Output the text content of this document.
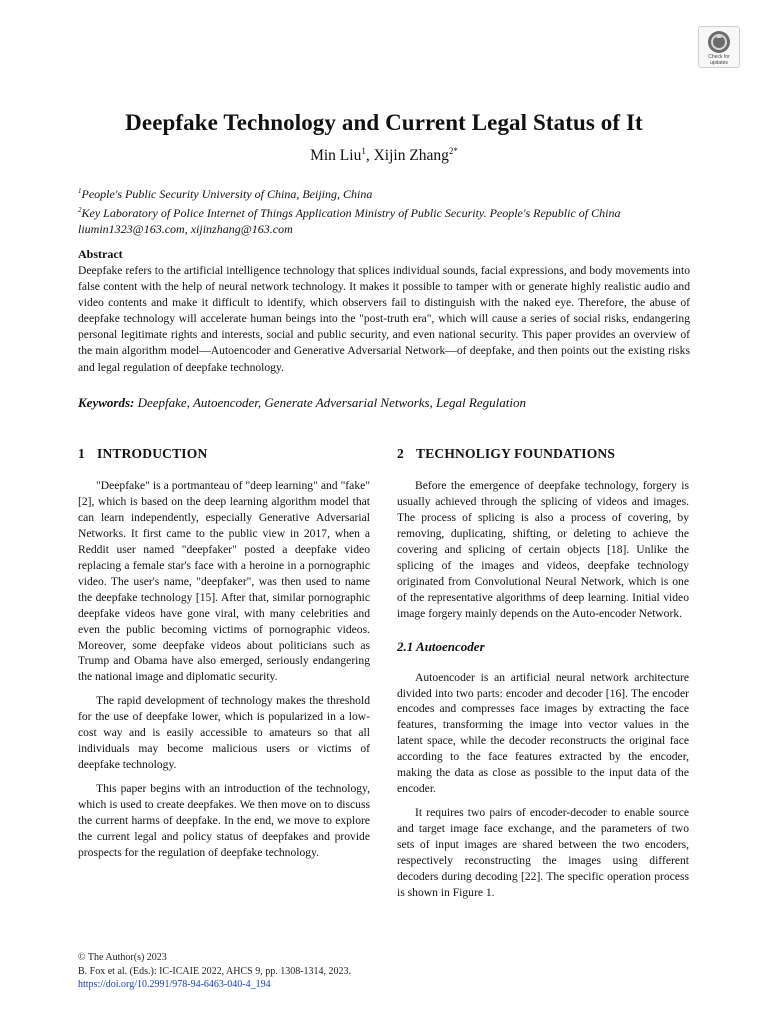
Check for
updates
Deepfake Technology and Current Legal Status of It
Min Liu$^1$, Xijin Zhang$^{2*}$
$^1$People's Public Security University of China, Beijing, China
$^2$Key Laboratory of Police Internet of Things Application Ministry of Public Security. People's Republic of China
liumin1323@163.com, xijinzhang@163.com
Abstract

Deepfake refers to the artificial intelligence technology that splices individual sounds, facial expressions, and body movements into false content with the help of neural network technology. It makes it possible to tamper with or generate highly realistic audio and video contents and make it difficult to identify, which observers fail to distinguish with the naked eye. Therefore, the abuse of deepfake technology will accelerate human beings into the "post-truth era", which will cause a series of social risks, endangering personal legitimate rights and interests, social and public security, and even national security. This paper provides an overview of the main algorithm model—Autoencoder and Generative Adversarial Network—of deepfake, and then points out the existing risks and legal regulation of deepfake technology.

Keywords: Deepfake, Autoencoder, Generate Adversarial Networks, Legal Regulation
1 INTRODUCTION

"Deepfake" is a portmanteau of "deep learning" and "fake" [2], which is based on the deep learning algorithm model that can learn independently, especially Generative Adversarial Networks. It first came to the public view in 2017, when a Reddit user named "deepfaker" posted a deepfake video replacing a female star's face with a heroine in a pornographic video. The user's name, "deepfaker", was then used to name the deepfake technology [15]. After that, similar pornographic deepfake videos have gone viral, with many celebrities and even the public becoming victims of pornographic videos. Moreover, some deepfake videos about politicians such as Trump and Obama have also emerged, seriously endangering the national image and diplomatic security.

The rapid development of technology makes the threshold for the use of deepfake lower, which is popularized in a low-cost way and is easily accessible to amateurs so that all individuals may become malicious users or victims of deepfake technology.

This paper begins with an introduction of the technology, which is used to create deepfakes. We then move on to discuss the current harms of deepfake. In the end, we move to explore the current legal and policy status of deepfakes and provide prospects for the regulation of deepfake technology.

2 TECHNOLIGY FOUNDATIONS

Before the emergence of deepfake technology, forgery is usually achieved through the splicing of videos and images. The process of splicing is also a process of covering, by removing, duplicating, shifting, or deleting to achieve the covering and splicing of certain objects [18]. Unlike the splicing of the images and videos, deepfake technology originated from Convolutional Neural Network, which is one of the representative algorithms of deep learning. Initial video image forgery mainly depends on the Auto-encoder Network.

2.1 Autoencoder

Autoencoder is an artificial neural network architecture divided into two parts: encoder and decoder [16]. The encoder encodes and compresses face images by extracting the face features, transforming the image into vector values in the latent space, while the decoder reconstructs the original face according to the face features extracted by the encoder, making the data as close as possible to the input data of the encoder.

It requires two pairs of encoder-decoder to enable source and target image face exchange, and the parameters of two sets of input images are shared between the two encoders, respectively reconstructing the images using different decoders during decoding [22]. The specific operation process is shown in Figure 1.

© The Author(s) 2023
B. Fox et al. (Eds.): IC-ICAIE 2022, AHCS 9, pp. 1308-1314, 2023.
https://doi.org/10.2991/978-94-6463-040-4_194
